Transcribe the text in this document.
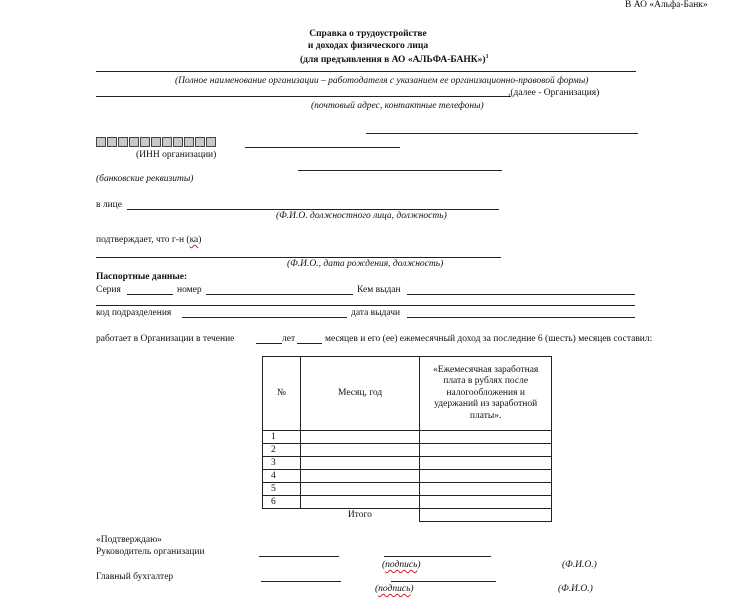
В АО «Альфа-Банк»
Справка о трудоустройстве
и доходах физического лица
(для предъявления в АО «АЛЬФА-БАНК»)$^1$
(Полное наименование организации – работодателя с указанием ее организационно-правовой формы)
,(далее - Организация)
(почтовый адрес, контактные телефоны)
(ИНН организации)
(банковские реквизиты)
в лице
(Ф.И.О. должностного лица, должность)
подтверждает, что г-н (ка)
(Ф.И.О., дата рождения, должность)
Паспортные данные:
Серия	номер	Кем выдан
код подразделения	дата выдачи
работает в Организации в течение	лет	месяцев и его (ее) ежемесячный доход за последние 6 (шесть) месяцев составил:
№	Месяц, год	«Ежемесячная заработная плата в рублях после налогообложения и удержаний из заработной платы».
1		
2		
3		
4		
5		
6		
	Итого	
«Подтверждаю»
Руководитель организации
(подпись)	(Ф.И.О.)
Главный бухгалтер
(подпись)	(Ф.И.О.)
